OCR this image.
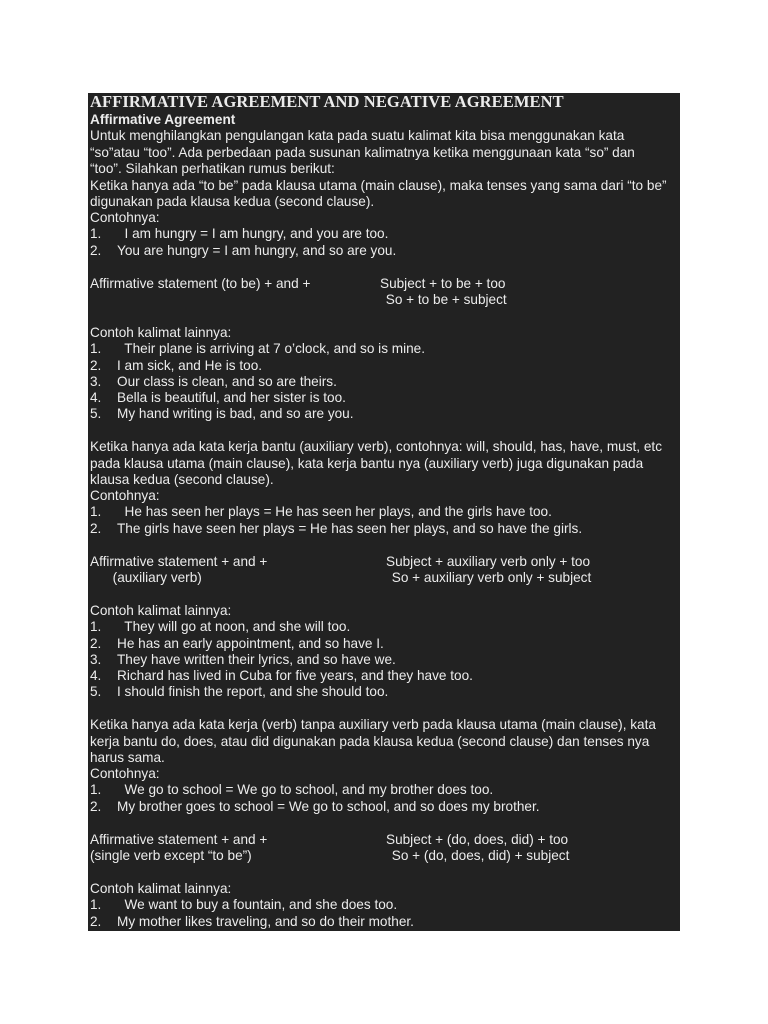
AFFIRMATIVE AGREEMENT AND NEGATIVE AGREEMENT
Affirmative Agreement
Untuk menghilangkan pengulangan kata pada suatu kalimat kita bisa menggunakan kata
“so”atau “too”. Ada perbedaan pada susunan kalimatnya ketika menggunaan kata “so” dan
“too”. Silahkan perhatikan rumus berikut:
Ketika hanya ada “to be” pada klausa utama (main clause), maka tenses yang sama dari “to be”
digunakan pada klausa kedua (second clause).
Contohnya:
1.  I am hungry = I am hungry, and you are too.
2. You are hungry = I am hungry, and so are you.
Affirmative statement (to be) + and +	Subject + to be + too
So + to be + subject
Contoh kalimat lainnya:
1.  Their plane is arriving at 7 o’clock, and so is mine.
2. I am sick, and He is too.
3. Our class is clean, and so are theirs.
4. Bella is beautiful, and her sister is too.
5. My hand writing is bad, and so are you.
Ketika hanya ada kata kerja bantu (auxiliary verb), contohnya: will, should, has, have, must, etc
pada klausa utama (main clause), kata kerja bantu nya (auxiliary verb) juga digunakan pada
klausa kedua (second clause).
Contohnya:
1.  He has seen her plays = He has seen her plays, and the girls have too.
2. The girls have seen her plays = He has seen her plays, and so have the girls.
Affirmative statement + and +
(auxiliary verb)
Subject + auxiliary verb only + too
So + auxiliary verb only + subject
Contoh kalimat lainnya:
1.  They will go at noon, and she will too.
2. He has an early appointment, and so have I.
3. They have written their lyrics, and so have we.
4. Richard has lived in Cuba for five years, and they have too.
5. I should finish the report, and she should too.
Ketika hanya ada kata kerja (verb) tanpa auxiliary verb pada klausa utama (main clause), kata
kerja bantu do, does, atau did digunakan pada klausa kedua (second clause) dan tenses nya
harus sama.
Contohnya:
1.  We go to school = We go to school, and my brother does too.
2. My brother goes to school = We go to school, and so does my brother.
Affirmative statement + and +
(single verb except “to be”)
Subject + (do, does, did) + too
So + (do, does, did) + subject
Contoh kalimat lainnya:
1.  We want to buy a fountain, and she does too.
2. My mother likes traveling, and so do their mother.
